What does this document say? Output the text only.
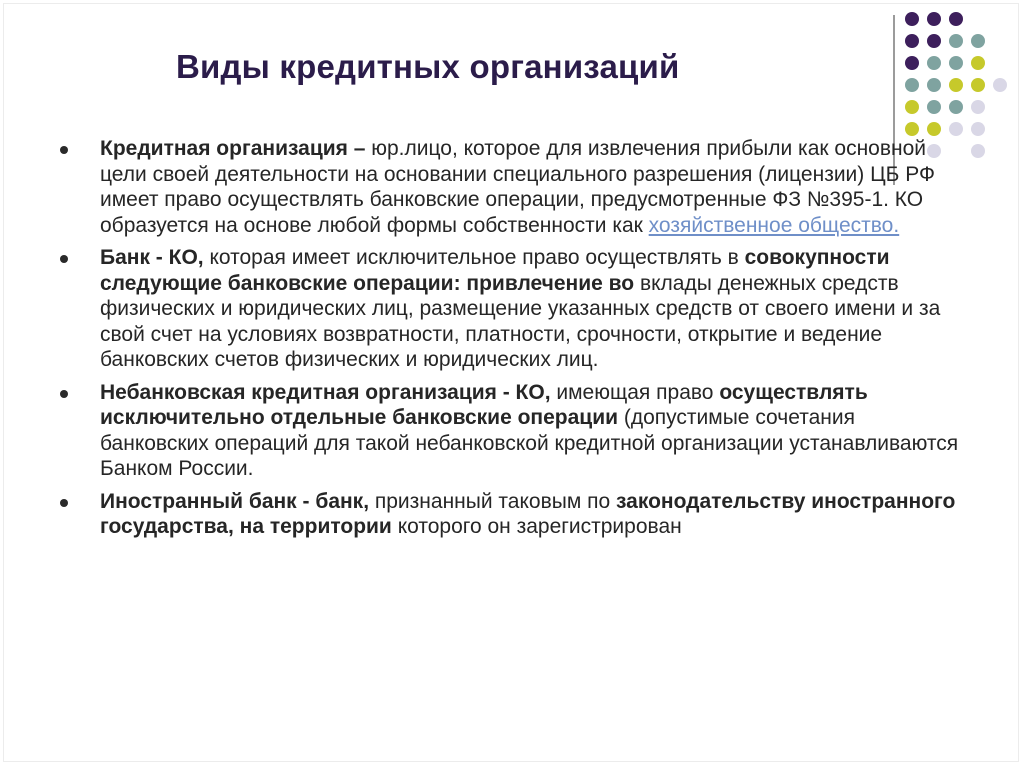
Виды кредитных организаций
Кредитная организация – юр.лицо, которое для извлечения прибыли как основной цели своей деятельности на основании специального разрешения (лицензии) ЦБ РФ имеет право осуществлять банковские операции, предусмотренные ФЗ №395-1. КО образуется на основе любой формы собственности как хозяйственное общество.
Банк - КО, которая имеет исключительное право осуществлять в совокупности следующие банковские операции: привлечение во вклады денежных средств физических и юридических лиц, размещение указанных средств от своего имени и за свой счет на условиях возвратности, платности, срочности, открытие и ведение банковских счетов физических и юридических лиц.
Небанковская кредитная организация - КО, имеющая право осуществлять исключительно отдельные банковские операции (допустимые сочетания банковских операций для такой небанковской кредитной организации устанавливаются Банком России.
Иностранный банк - банк, признанный таковым по законодательству иностранного государства, на территории которого он зарегистрирован
